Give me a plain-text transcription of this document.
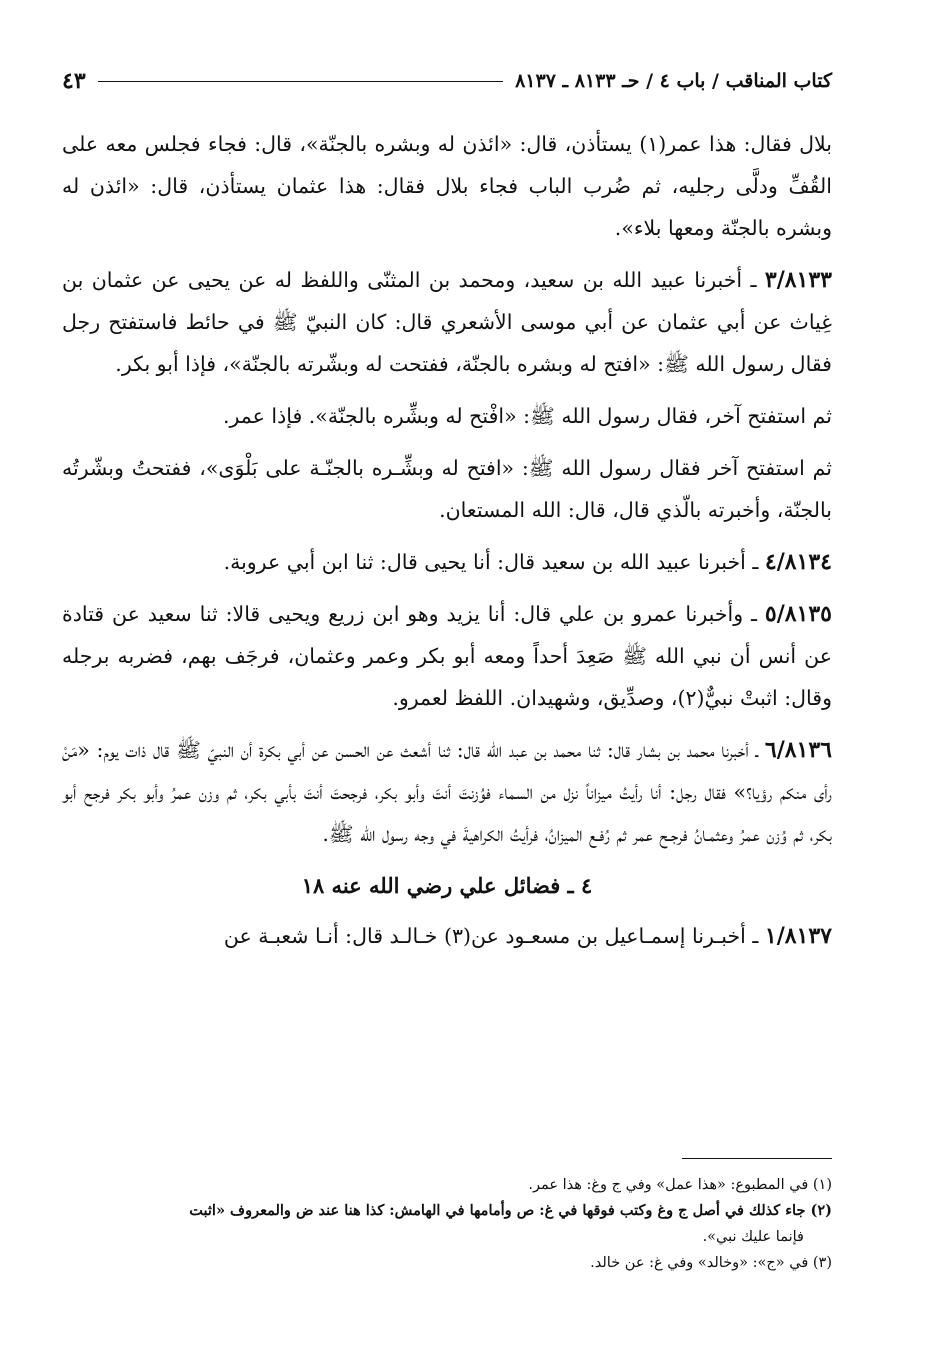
كتاب المناقب / باب ٤ / حـ ٨١٣٣ ـ ٨١٣٧
٤٣

بلال فقال: هذا عمر(١) يستأذن، قال: «ائذن له وبشره بالجنّة»، قال: فجاء فجلس معه على القُفِّ ودلَّى رجليه، ثم ضُرب الباب فجاء بلال فقال: هذا عثمان يستأذن، قال: «ائذن له وبشره بالجنّة ومعها بلاء».

٣/٨١٣٣ ـ أخبرنا عبيد الله بن سعيد، ومحمد بن المثنّى واللفظ له عن يحيى عن عثمان بن غِياث عن أبي عثمان عن أبي موسى الأشعري قال: كان النبيّ ﷺ في حائط فاستفتح رجل فقال رسول الله ﷺ: «افتح له وبشره بالجنّة، ففتحت له وبشّرته بالجنّة»، فإذا أبو بكر.

ثم استفتح آخر، فقال رسول الله ﷺ: «افْتح له وبشِّره بالجنّة». فإذا عمر.

ثم استفتح آخر فقال رسول الله ﷺ: «افتح له وبشِّـره بالجنّـة على بَلْوَى»، ففتحتُ وبشّرتُه بالجنّة، وأخبرته بالّذي قال، قال: الله المستعان.

٤/٨١٣٤ ـ أخبرنا عبيد الله بن سعيد قال: أنا يحيى قال: ثنا ابن أبي عروبة.

٥/٨١٣٥ ـ وأخبرنا عمرو بن علي قال: أنا يزيد وهو ابن زريع ويحيى قالا: ثنا سعيد عن قتادة عن أنس أن نبي الله ﷺ صَعِدَ أحداً ومعه أبو بكر وعمر وعثمان، فرجَف بهم، فضربه برجله وقال: اثبتْ نبيٌّ(٢)، وصدِّيق، وشهيدان. اللفظ لعمرو.

٦/٨١٣٦ ـ أخبرنا محمد بن بشار قال: ثنا محمد بن عبد الله قال: ثنا أشعث عن الحسن عن أبي بكرة أن النبيّ ﷺ قال ذات يوم: «مَنْ رأى منكم رؤيا؟» فقال رجل: أنا رأيتُ ميزاناً نزل من السماء فوُزنتَ أنتَ وأبو بكر، فرجحتَ أنتَ بأبي بكر، ثم وزن عمرُ وأبو بكر فرجح أبو بكر، ثم وُزن عمرُ وعثمـانُ فرجـح عمر ثم رُفـع الميزانُ، فرأيتُ الكراهيةَ في وجه رسول الله ﷺ.

٤ ـ فضائل علي رضي الله عنه ١٨

١/٨١٣٧ ـ أخبـرنا إسمـاعيل بن مسعـود عن(٣) خـالـد قال: أنـا شعبـة عن

(١) في المطبوع: «هذا عمل» وفي ج وغ: هذا عمر.

(٢) جاء كذلك في أصل ج وغ وكتب فوقها في غ: ص وأمامها في الهامش: كذا هنا عند ض والمعروف «اثبت

فإنما عليك نبي».

(٣) في «ج»: «وخالد» وفي غ: عن خالد.
